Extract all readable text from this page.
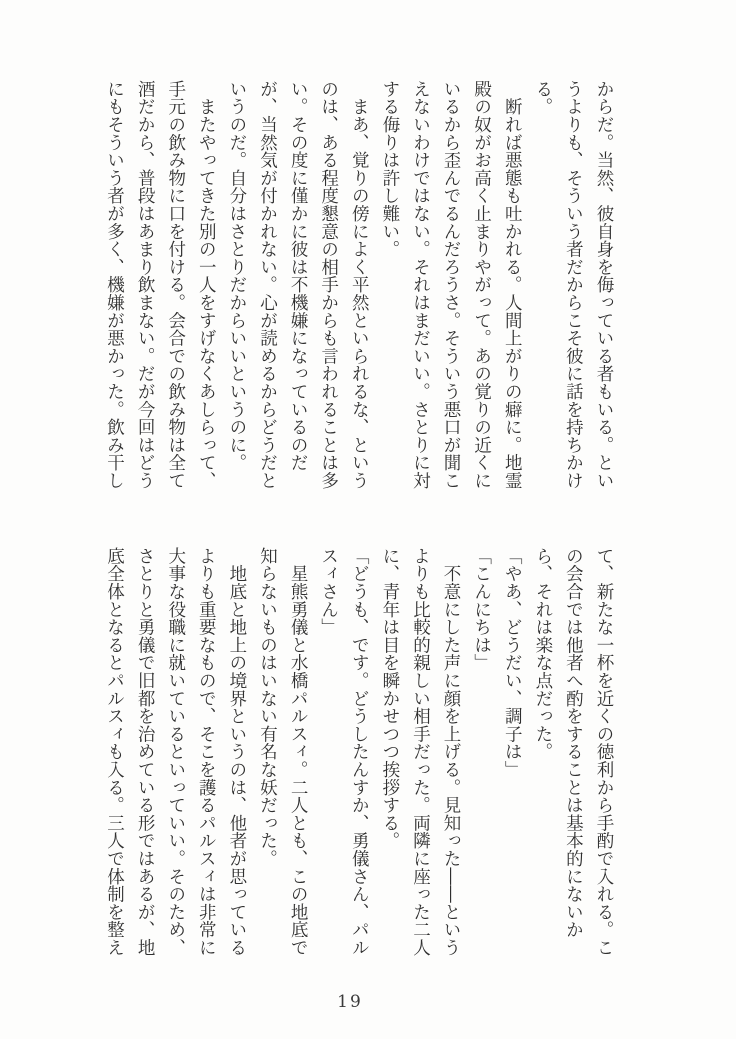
からだ。当然、彼自身を侮っている者もいる。というよりも、そういう者だからこそ彼に話を持ちかける。

　断れば悪態も吐かれる。人間上がりの癖に。地霊殿の奴がお高く止まりやがって。あの覚りの近くにいるから歪んでるんだろうさ。そういう悪口が聞こえないわけではない。それはまだいい。さとりに対する侮りは許し難い。

　まあ、覚りの傍によく平然といられるな、というのは、ある程度懇意の相手からも言われることは多い。その度に僅かに彼は不機嫌になっているのだが、当然気が付かれない。心が読めるからどうだというのだ。自分はさとりだからいいというのに。

　またやってきた別の一人をすげなくあしらって、手元の飲み物に口を付ける。会合での飲み物は全て酒だから、普段はあまり飲まない。だが今回はどうにもそういう者が多く、機嫌が悪かった。飲み干し

て、新たな一杯を近くの徳利から手酌で入れる。この会合では他者へ酌をすることは基本的にないから、それは楽な点だった。

「やあ、どうだい、調子は」

「こんにちは」

　不意にした声に顔を上げる。見知った――というよりも比較的親しい相手だった。両隣に座った二人に、青年は目を瞬かせつつ挨拶する。

「どうも、です。どうしたんすか、勇儀さん、パルスィさん」

　星熊勇儀と水橋パルスィ。二人とも、この地底で知らないものはいない有名な妖だった。

　地底と地上の境界というのは、他者が思っているよりも重要なもので、そこを護るパルスィは非常に大事な役職に就いているといっていい。そのため、さとりと勇儀で旧都を治めている形ではあるが、地底全体となるとパルスィも入る。三人で体制を整え

19
